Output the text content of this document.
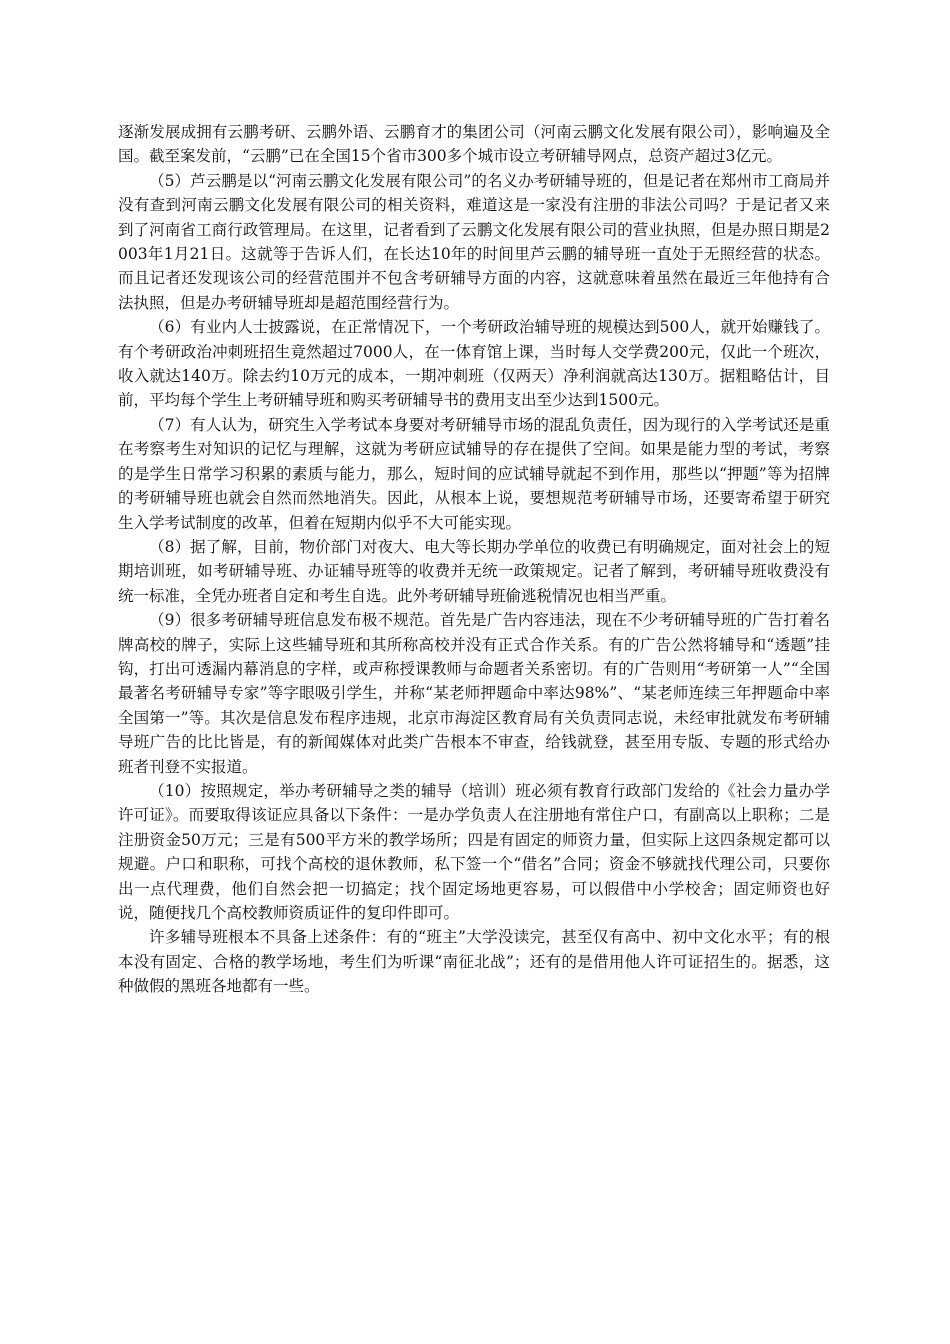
逐渐发展成拥有云鹏考研、云鹏外语、云鹏育才的集团公司（河南云鹏文化发展有限公司），影响遍及全国。截至案发前，“云鹏”已在全国15个省市300多个城市设立考研辅导网点，总资产超过3亿元。

（5）芦云鹏是以“河南云鹏文化发展有限公司”的名义办考研辅导班的，但是记者在郑州市工商局并没有查到河南云鹏文化发展有限公司的相关资料，难道这是一家没有注册的非法公司吗？于是记者又来到了河南省工商行政管理局。在这里，记者看到了云鹏文化发展有限公司的营业执照，但是办照日期是2003年1月21日。这就等于告诉人们，在长达10年的时间里芦云鹏的辅导班一直处于无照经营的状态。而且记者还发现该公司的经营范围并不包含考研辅导方面的内容，这就意味着虽然在最近三年他持有合法执照，但是办考研辅导班却是超范围经营行为。

（6）有业内人士披露说，在正常情况下，一个考研政治辅导班的规模达到500人，就开始赚钱了。有个考研政治冲刺班招生竟然超过7000人，在一体育馆上课，当时每人交学费200元，仅此一个班次，收入就达140万。除去约10万元的成本，一期冲刺班（仅两天）净利润就高达130万。据粗略估计，目前，平均每个学生上考研辅导班和购买考研辅导书的费用支出至少达到1500元。

（7）有人认为，研究生入学考试本身要对考研辅导市场的混乱负责任，因为现行的入学考试还是重在考察考生对知识的记忆与理解，这就为考研应试辅导的存在提供了空间。如果是能力型的考试，考察的是学生日常学习积累的素质与能力，那么，短时间的应试辅导就起不到作用，那些以“押题”等为招牌的考研辅导班也就会自然而然地消失。因此，从根本上说，要想规范考研辅导市场，还要寄希望于研究生入学考试制度的改革，但着在短期内似乎不大可能实现。

（8）据了解，目前，物价部门对夜大、电大等长期办学单位的收费已有明确规定，面对社会上的短期培训班，如考研辅导班、办证辅导班等的收费并无统一政策规定。记者了解到，考研辅导班收费没有统一标准，全凭办班者自定和考生自选。此外考研辅导班偷逃税情况也相当严重。

（9）很多考研辅导班信息发布极不规范。首先是广告内容违法，现在不少考研辅导班的广告打着名牌高校的牌子，实际上这些辅导班和其所称高校并没有正式合作关系。有的广告公然将辅导和“透题”挂钩，打出可透漏内幕消息的字样，或声称授课教师与命题者关系密切。有的广告则用“考研第一人”“全国最著名考研辅导专家”等字眼吸引学生，并称“某老师押题命中率达98%”、“某老师连续三年押题命中率全国第一”等。其次是信息发布程序违规，北京市海淀区教育局有关负责同志说，未经审批就发布考研辅导班广告的比比皆是，有的新闻媒体对此类广告根本不审查，给钱就登，甚至用专版、专题的形式给办班者刊登不实报道。

（10）按照规定，举办考研辅导之类的辅导（培训）班必须有教育行政部门发给的《社会力量办学许可证》。而要取得该证应具备以下条件：一是办学负责人在注册地有常住户口，有副高以上职称；二是注册资金50万元；三是有500平方米的教学场所；四是有固定的师资力量，但实际上这四条规定都可以规避。户口和职称，可找个高校的退休教师，私下签一个“借名”合同；资金不够就找代理公司，只要你出一点代理费，他们自然会把一切搞定；找个固定场地更容易，可以假借中小学校舍；固定师资也好说，随便找几个高校教师资质证件的复印件即可。

许多辅导班根本不具备上述条件：有的“班主”大学没读完，甚至仅有高中、初中文化水平；有的根本没有固定、合格的教学场地，考生们为听课“南征北战”；还有的是借用他人许可证招生的。据悉，这种做假的黑班各地都有一些。
